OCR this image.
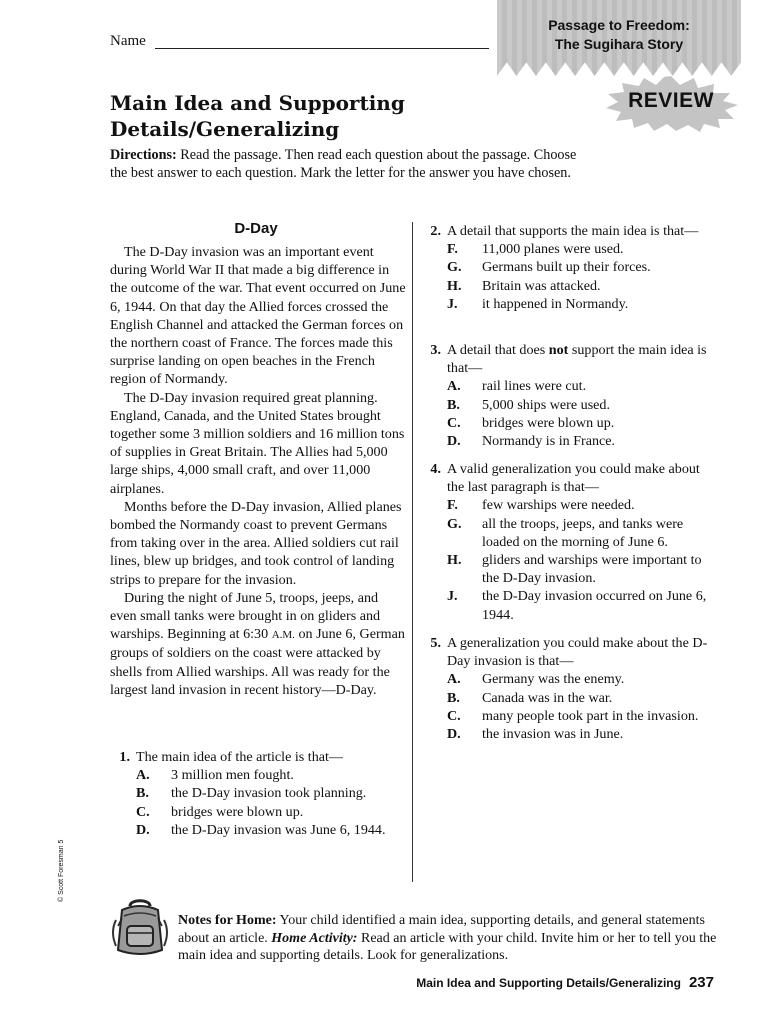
Passage to Freedom:
The Sugihara Story
Name
REVIEW
Main Idea and Supporting
Details/Generalizing
Directions: Read the passage. Then read each question about the passage. Choose the best answer to each question. Mark the letter for the answer you have chosen.
D-Day

The D-Day invasion was an important event during World War II that made a big difference in the outcome of the war. That event occurred on June 6, 1944. On that day the Allied forces crossed the English Channel and attacked the German forces on the northern coast of France. The forces made this surprise landing on open beaches in the French region of Normandy.

The D-Day invasion required great planning. England, Canada, and the United States brought together some 3 million soldiers and 16 million tons of supplies in Great Britain. The Allies had 5,000 large ships, 4,000 small craft, and over 11,000 airplanes.

Months before the D-Day invasion, Allied planes bombed the Normandy coast to prevent Germans from taking over in the area. Allied soldiers cut rail lines, blew up bridges, and took control of landing strips to prepare for the invasion.

During the night of June 5, troops, jeeps, and even small tanks were brought in on gliders and warships. Beginning at 6:30 A.M. on June 6, German groups of soldiers on the coast were attacked by shells from Allied warships. All was ready for the largest land invasion in recent history—D-Day.

1. The main idea of the article is that—
A.	3 million men fought.
B.	the D-Day invasion took planning.
C.	bridges were blown up.
D.	the D-Day invasion was June 6, 1944.
2. A detail that supports the main idea is that—
F.	11,000 planes were used.
G.	Germans built up their forces.
H.	Britain was attacked.
J.	it happened in Normandy.
3. A detail that does not support the main idea is that—
A.	rail lines were cut.
B.	5,000 ships were used.
C.	bridges were blown up.
D.	Normandy is in France.
4. A valid generalization you could make about the last paragraph is that—
F.	few warships were needed.
G.	all the troops, jeeps, and tanks were loaded on the morning of June 6.
H.	gliders and warships were important to the D-Day invasion.
J.	the D-Day invasion occurred on June 6, 1944.
5. A generalization you could make about the D-Day invasion is that—
A.	Germany was the enemy.
B.	Canada was in the war.
C.	many people took part in the invasion.
D.	the invasion was in June.
© Scott Foresman 5
Notes for Home: Your child identified a main idea, supporting details, and general statements about an article. Home Activity: Read an article with your child. Invite him or her to tell you the main idea and supporting details. Look for generalizations.
Main Idea and Supporting Details/Generalizing 237
